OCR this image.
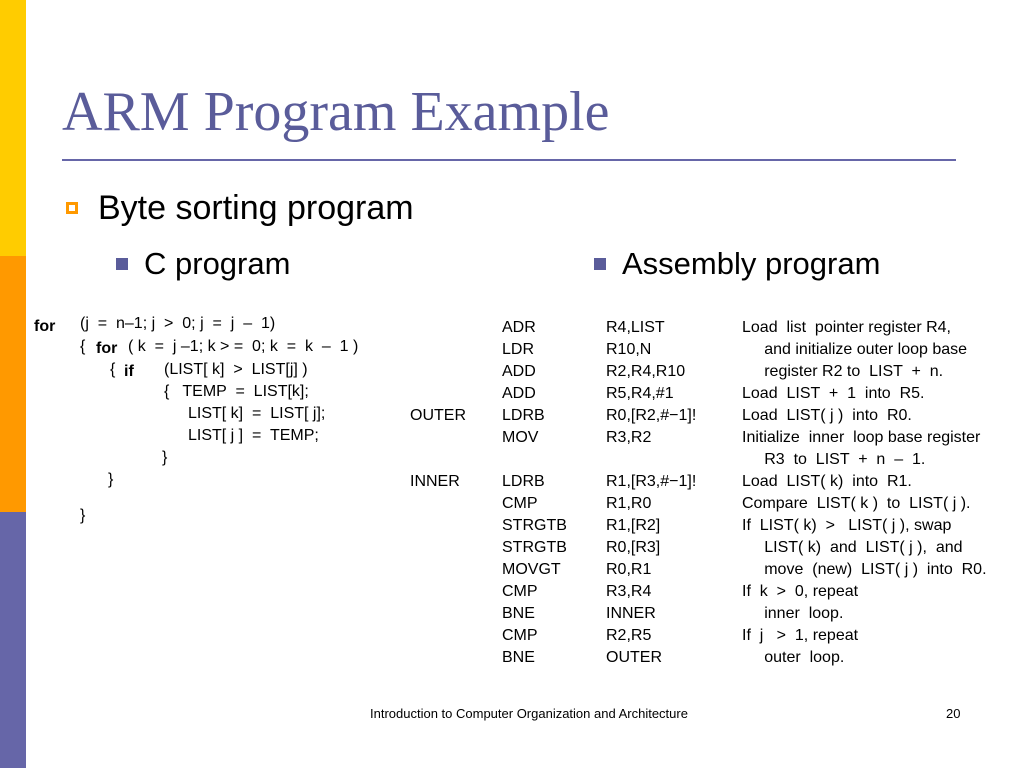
ARM Program Example
Byte sorting program
C program	Assembly program
for (j  =  n–1; j  >  0; j  =  j  –  1)
{ for ( k  =  j –1; k > =  0; k  =  k  –  1 )
{ if (LIST[ k]  >  LIST[j] )
{   TEMP  =  LIST[k];
LIST[ k]  =  LIST[ j];
LIST[ j ]  =  TEMP;
}
}
}

OUTER

INNER

ADR
LDR
ADD
ADD
LDRB
MOV

LDRB
CMP
STRGTB
STRGTB
MOVGT
CMP
BNE
CMP
BNE
R4,LIST
R10,N
R2,R4,R10
R5,R4,#1
R0,[R2,#−1]!
R3,R2

R1,[R3,#−1]!
R1,R0
R1,[R2]
R0,[R3]
R0,R1
R3,R4
INNER
R2,R5
OUTER
Load  list  pointer register R4,
and initialize outer loop base
register R2 to  LIST  +  n.
Load  LIST  +  1  into  R5.
Load  LIST( j )  into  R0.
Initialize  inner  loop base register
R3  to  LIST  +  n  –  1.
Load  LIST( k)  into  R1.
Compare  LIST( k )  to  LIST( j ).
If  LIST( k)  >   LIST( j ), swap
LIST( k)  and  LIST( j ),  and
move  (new)  LIST( j )  into  R0.
If  k  >  0, repeat
inner  loop.
If  j   >  1, repeat
outer  loop.
Introduction to Computer Organization and Architecture	20
